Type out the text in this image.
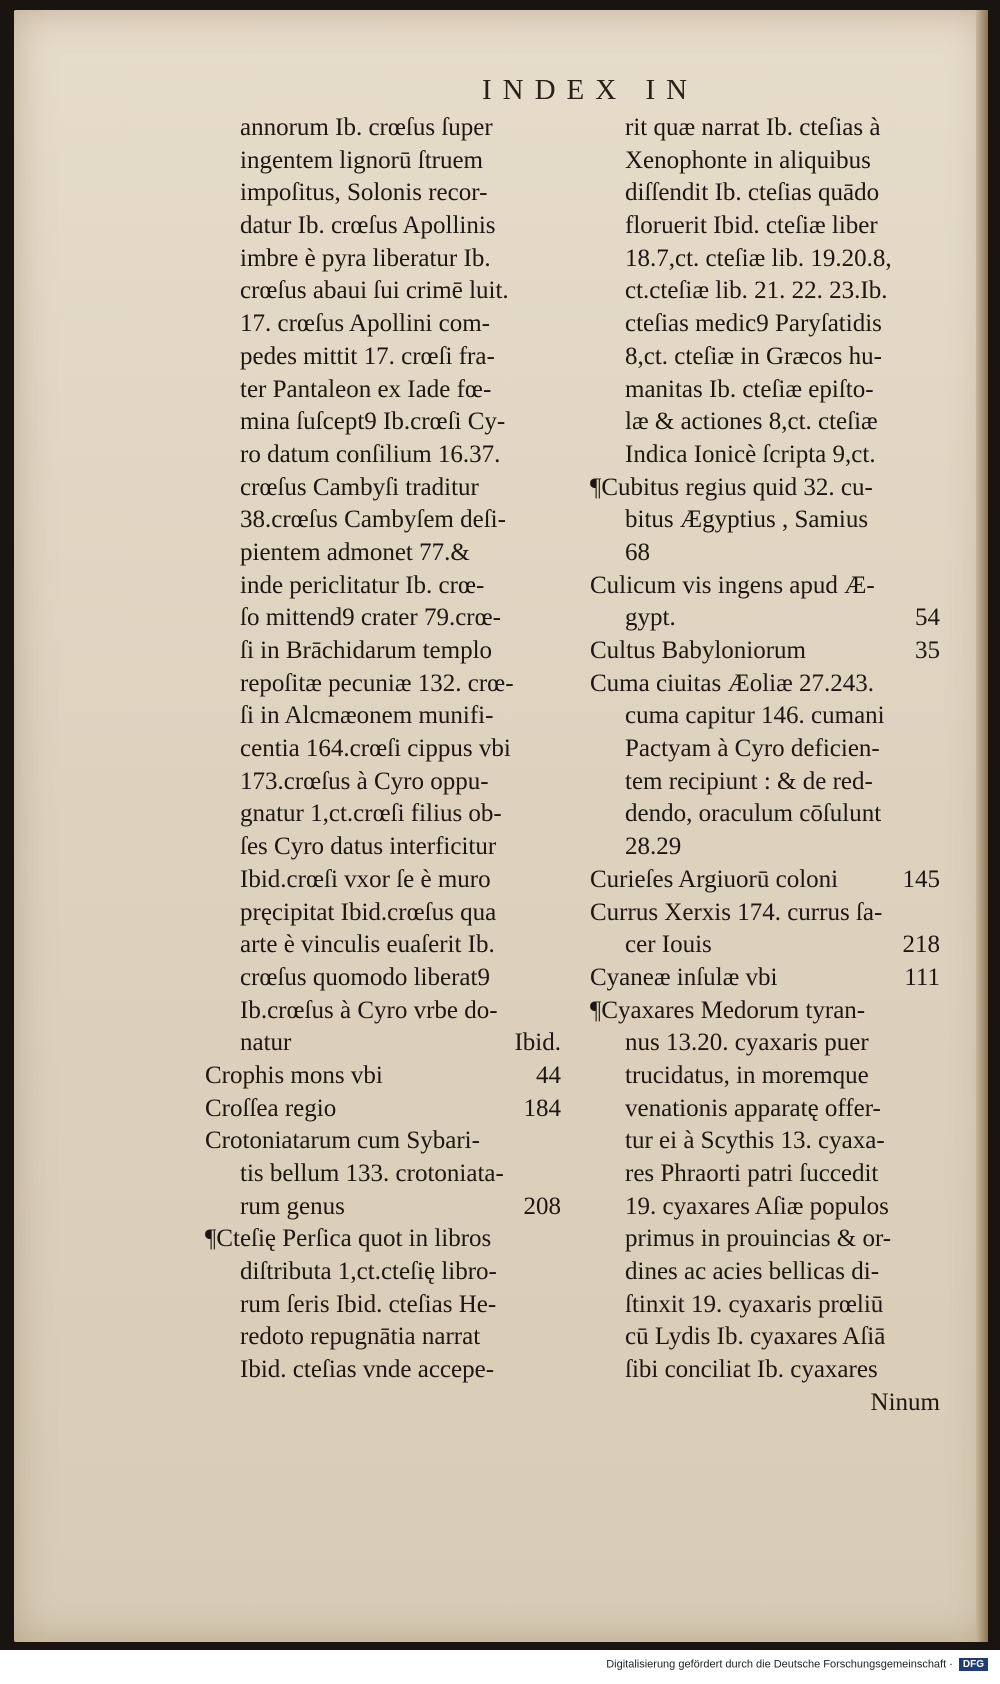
INDEX IN
annorum Ib. crœſus ſuper
ingentem lignorū ſtruem
impoſitus, Solonis recor-
datur Ib. crœſus Apollinis
imbre è pyra liberatur Ib.
crœſus abaui ſui crimē luit.
17. crœſus Apollini com-
pedes mittit 17. crœſi fra-
ter Pantaleon ex Iade fœ-
mina ſuſcept9 Ib.crœſi Cy-
ro datum conſilium 16.37.
crœſus Cambyſi traditur
38.crœſus Cambyſem deſi-
pientem admonet 77.&
inde periclitatur Ib. crœ-
ſo mittend9 crater 79.crœ-
ſi in Brāchidarum templo
repoſitæ pecuniæ 132. crœ-
ſi in Alcmæonem munifi-
centia 164.crœſi cippus vbi
173.crœſus à Cyro oppu-
gnatur 1,ct.crœſi filius ob-
ſes Cyro datus interficitur
Ibid.crœſi vxor ſe è muro
pręcipitat Ibid.crœſus qua
arte è vinculis euaſerit Ib.
crœſus quomodo liberat9
Ib.crœſus à Cyro vrbe do-
natur	Ibid.
Crophis mons vbi	44
Croſſea regio	184
Crotoniatarum cum Sybari-
tis bellum 133. crotoniata-
rum genus	208
¶Cteſię Perſica quot in libros
diſtributa 1,ct.cteſię libro-
rum ſeris Ibid. cteſias He-
redoto repugnātia narrat
Ibid. cteſias vnde accepe-
rit quæ narrat Ib. cteſias à
Xenophonte in aliquibus
diſſendit Ib. cteſias quādo
floruerit Ibid. cteſiæ liber
18.7,ct. cteſiæ lib. 19.20.8,
ct.cteſiæ lib. 21. 22. 23.Ib.
cteſias medic9 Paryſatidis
8,ct. cteſiæ in Græcos hu-
manitas Ib. cteſiæ epiſto-
læ & actiones 8,ct. cteſiæ
Indica Ionicè ſcripta 9,ct.
¶Cubitus regius quid 32. cu-
bitus Ægyptius , Samius
68
Culicum vis ingens apud Æ-
gypt.	54
Cultus Babyloniorum	35
Cuma ciuitas Æoliæ 27.243.
cuma capitur 146. cumani
Pactyam à Cyro deficien-
tem recipiunt : & de red-
dendo, oraculum cōſulunt
28.29
Curieſes Argiuorū coloni	145
Currus Xerxis 174. currus ſa-
cer Iouis	218
Cyaneæ inſulæ vbi	111
¶Cyaxares Medorum tyran-
nus 13.20. cyaxaris puer
trucidatus, in moremque
venationis apparatę offer-
tur ei à Scythis 13. cyaxa-
res Phraorti patri ſuccedit
19. cyaxares Aſiæ populos
primus in prouincias & or-
dines ac acies bellicas di-
ſtinxit 19. cyaxaris prœliū
cū Lydis Ib. cyaxares Aſiā
ſibi conciliat Ib. cyaxares
Ninum
Digitalisierung gefördert durch die Deutsche Forschungsgemeinschaft · DFG
